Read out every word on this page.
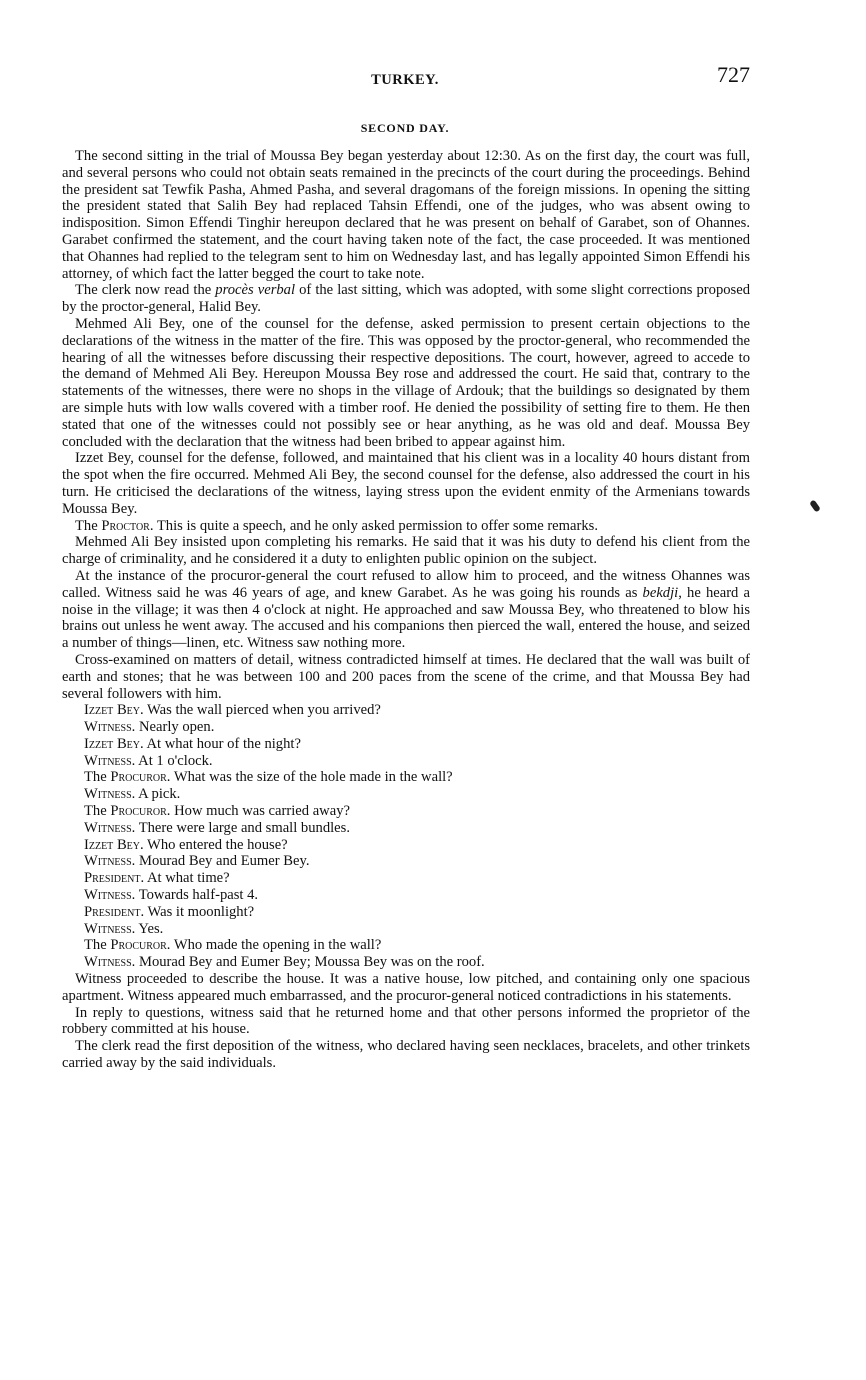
TURKEY.	727
SECOND DAY.

The second sitting in the trial of Moussa Bey began yesterday about 12:30. As on the first day, the court was full, and several persons who could not obtain seats remained in the precincts of the court during the proceedings. Behind the president sat Tewfik Pasha, Ahmed Pasha, and several dragomans of the foreign missions. In opening the sitting the president stated that Salih Bey had replaced Tahsin Effendi, one of the judges, who was absent owing to indisposition. Simon Effendi Tinghir hereupon declared that he was present on behalf of Garabet, son of Ohannes. Garabet confirmed the statement, and the court having taken note of the fact, the case proceeded. It was mentioned that Ohannes had replied to the telegram sent to him on Wednesday last, and has legally appointed Simon Effendi his attorney, of which fact the latter begged the court to take note.

The clerk now read the procès verbal of the last sitting, which was adopted, with some slight corrections proposed by the proctor-general, Halid Bey.

Mehmed Ali Bey, one of the counsel for the defense, asked permission to present certain objections to the declarations of the witness in the matter of the fire. This was opposed by the proctor-general, who recommended the hearing of all the witnesses before discussing their respective depositions. The court, however, agreed to accede to the demand of Mehmed Ali Bey. Hereupon Moussa Bey rose and addressed the court. He said that, contrary to the statements of the witnesses, there were no shops in the village of Ardouk; that the buildings so designated by them are simple huts with low walls covered with a timber roof. He denied the possibility of setting fire to them. He then stated that one of the witnesses could not possibly see or hear anything, as he was old and deaf. Moussa Bey concluded with the declaration that the witness had been bribed to appear against him.

Izzet Bey, counsel for the defense, followed, and maintained that his client was in a locality 40 hours distant from the spot when the fire occurred. Mehmed Ali Bey, the second counsel for the defense, also addressed the court in his turn. He criticised the declarations of the witness, laying stress upon the evident enmity of the Armenians towards Moussa Bey.

The Proctor. This is quite a speech, and he only asked permission to offer some remarks.

Mehmed Ali Bey insisted upon completing his remarks. He said that it was his duty to defend his client from the charge of criminality, and he considered it a duty to enlighten public opinion on the subject.

At the instance of the procuror-general the court refused to allow him to proceed, and the witness Ohannes was called. Witness said he was 46 years of age, and knew Garabet. As he was going his rounds as bekdji, he heard a noise in the village; it was then 4 o'clock at night. He approached and saw Moussa Bey, who threatened to blow his brains out unless he went away. The accused and his companions then pierced the wall, entered the house, and seized a number of things—linen, etc. Witness saw nothing more.

Cross-examined on matters of detail, witness contradicted himself at times. He declared that the wall was built of earth and stones; that he was between 100 and 200 paces from the scene of the crime, and that Moussa Bey had several followers with him.

Izzet Bey. Was the wall pierced when you arrived?

Witness. Nearly open.

Izzet Bey. At what hour of the night?

Witness. At 1 o'clock.

The Procuror. What was the size of the hole made in the wall?

Witness. A pick.

The Procuror. How much was carried away?

Witness. There were large and small bundles.

Izzet Bey. Who entered the house?

Witness. Mourad Bey and Eumer Bey.

President. At what time?

Witness. Towards half-past 4.

President. Was it moonlight?

Witness. Yes.

The Procuror. Who made the opening in the wall?

Witness. Mourad Bey and Eumer Bey; Moussa Bey was on the roof.

Witness proceeded to describe the house. It was a native house, low pitched, and containing only one spacious apartment. Witness appeared much embarrassed, and the procuror-general noticed contradictions in his statements.

In reply to questions, witness said that he returned home and that other persons informed the proprietor of the robbery committed at his house.

The clerk read the first deposition of the witness, who declared having seen necklaces, bracelets, and other trinkets carried away by the said individuals.
